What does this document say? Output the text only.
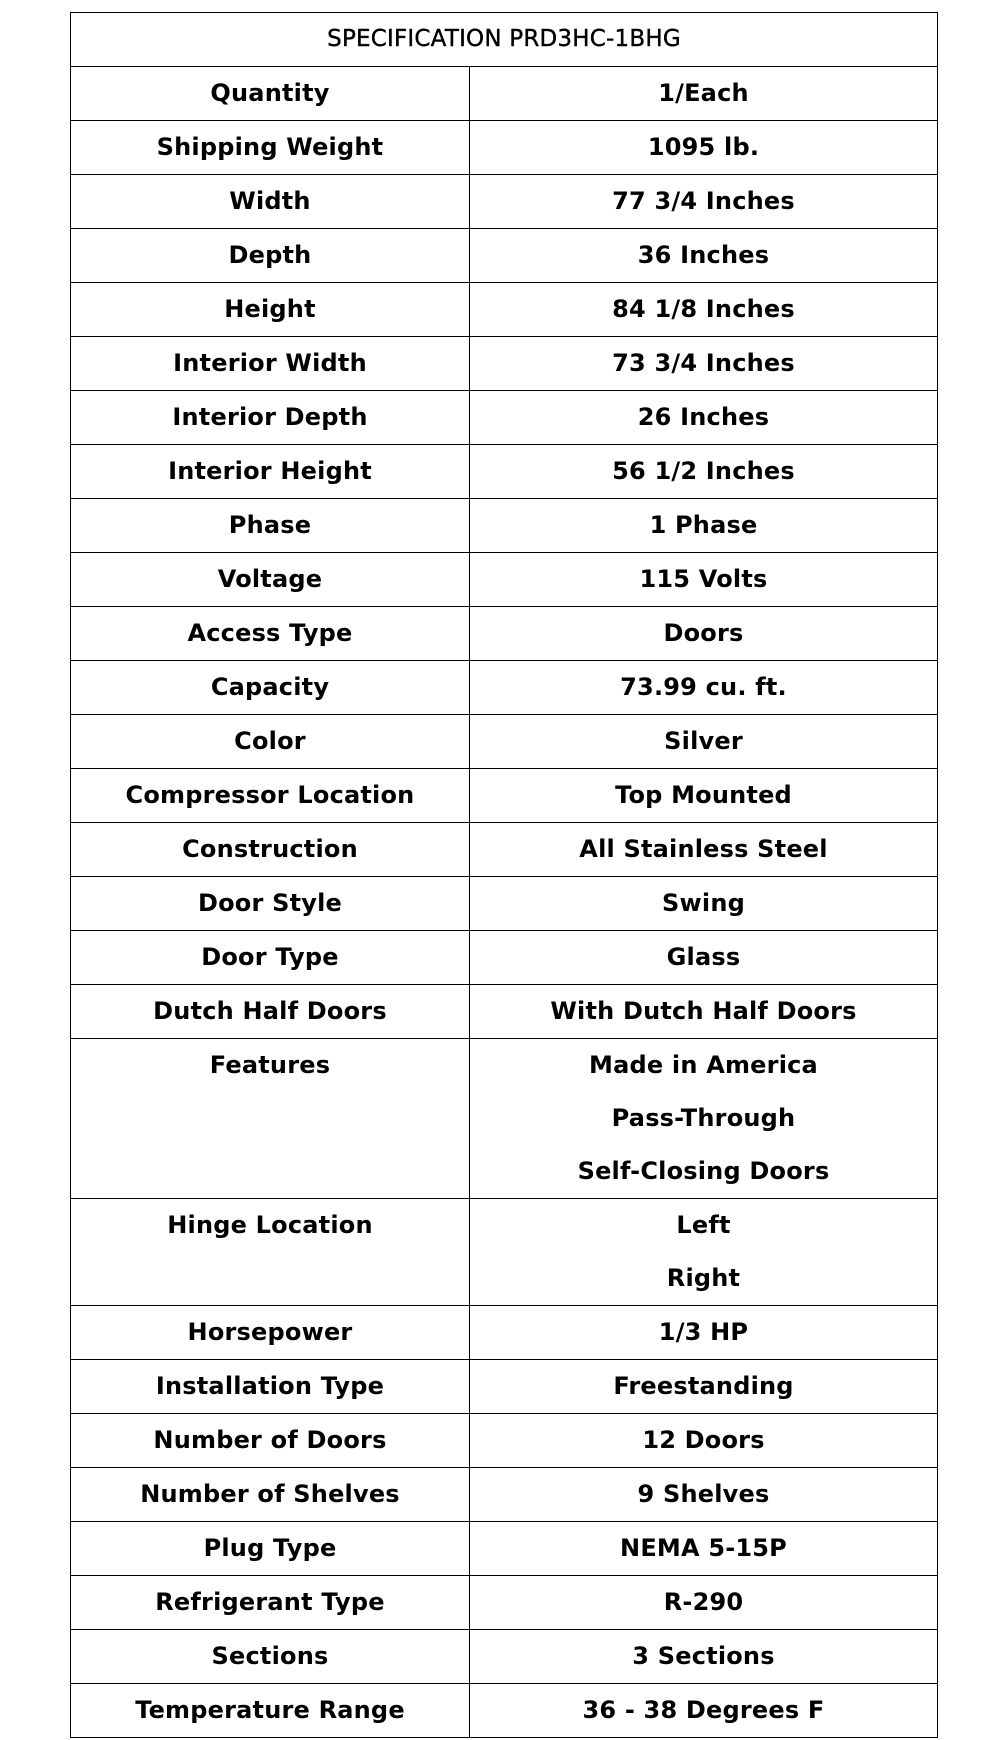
SPECIFICATION PRD3HC-1BHG	

Quantity	1/Each

Shipping Weight	1095 lb.

Width	77 3/4 Inches

Depth	36 Inches

Height	84 1/8 Inches

Interior Width	73 3/4 Inches

Interior Depth	26 Inches

Interior Height	56 1/2 Inches

Phase	1 Phase

Voltage	115 Volts

Access Type	Doors

Capacity	73.99 cu. ft.

Color	Silver

Compressor Location	Top Mounted

Construction	All Stainless Steel

Door Style	Swing

Door Type	Glass

Dutch Half Doors	With Dutch Half Doors

Features	Made in America
Pass-Through
Self-Closing Doors

Hinge Location	Left
Right

Horsepower	1/3 HP

Installation Type	Freestanding

Number of Doors	12 Doors

Number of Shelves	9 Shelves

Plug Type	NEMA 5-15P

Refrigerant Type	R-290

Sections	3 Sections

Temperature Range	36 - 38 Degrees F
